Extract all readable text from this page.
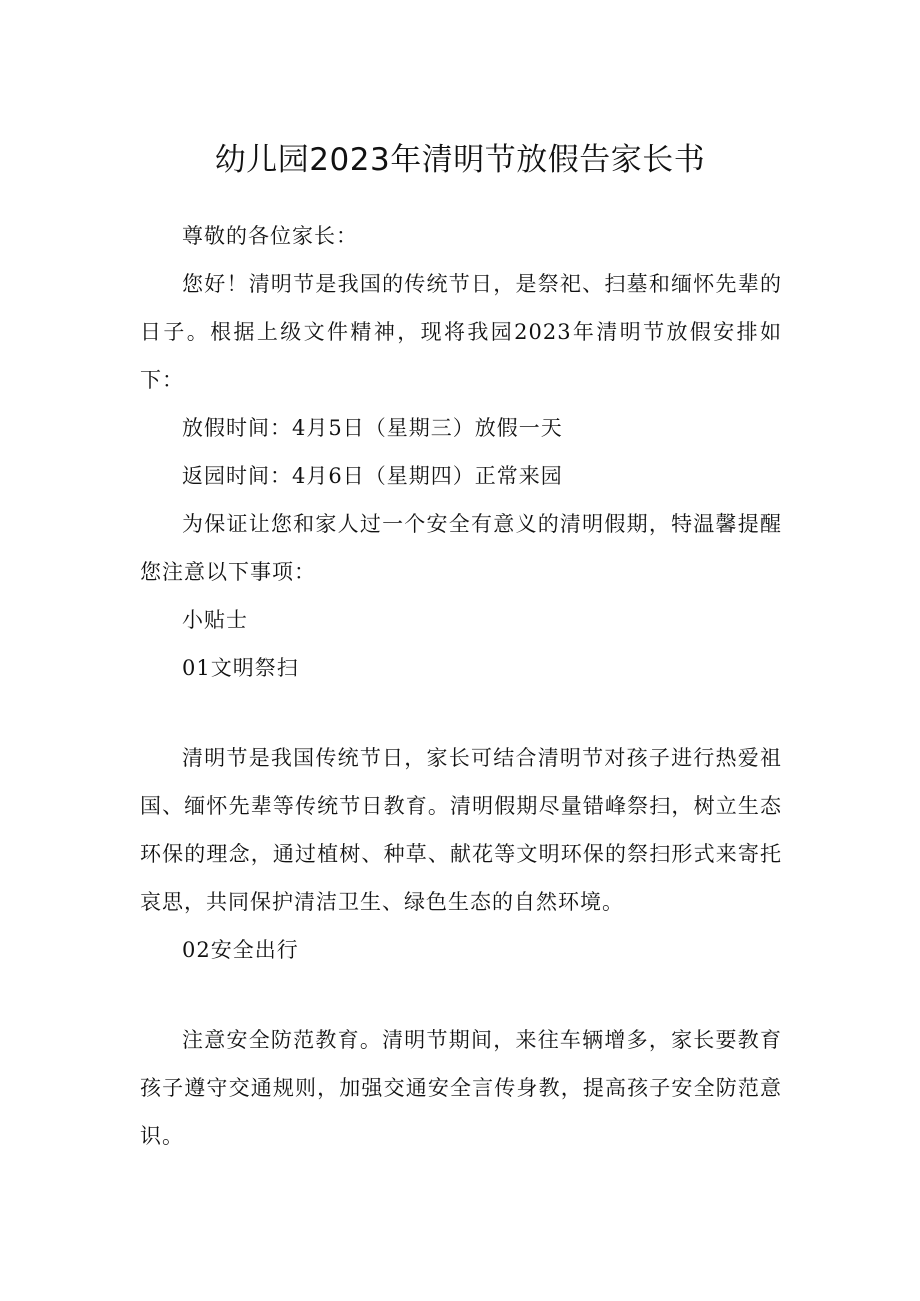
幼儿园2023年清明节放假告家长书

尊敬的各位家长：

您好！清明节是我国的传统节日，是祭祀、扫墓和缅怀先辈的日子。根据上级文件精神，现将我园2023年清明节放假安排如下：

放假时间：4月5日（星期三）放假一天

返园时间：4月6日（星期四）正常来园

为保证让您和家人过一个安全有意义的清明假期，特温馨提醒您注意以下事项：

小贴士

01文明祭扫

清明节是我国传统节日，家长可结合清明节对孩子进行热爱祖国、缅怀先辈等传统节日教育。清明假期尽量错峰祭扫，树立生态环保的理念，通过植树、种草、献花等文明环保的祭扫形式来寄托哀思，共同保护清洁卫生、绿色生态的自然环境。

02安全出行

注意安全防范教育。清明节期间，来往车辆增多，家长要教育孩子遵守交通规则，加强交通安全言传身教，提高孩子安全防范意识。
